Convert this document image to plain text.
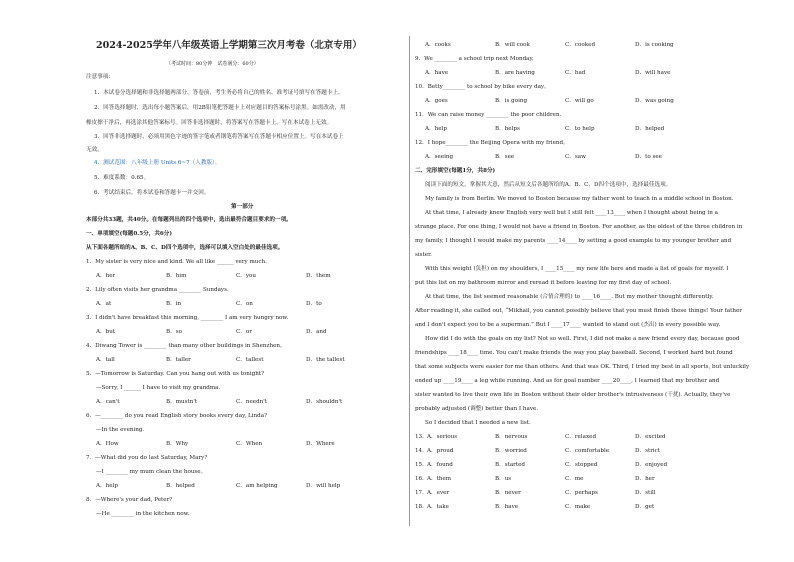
2024-2025学年八年级英语上学期第三次月考卷（北京专用）
（考试时间：80分钟　试卷满分：60分）
注意事项：
1．本试卷分选择题和非选择题两部分。答卷前，考生务必将自己的姓名、准考证号填写在答题卡上。
2．回答选择题时，选出每小题答案后，用2B铅笔把答题卡上对应题目的答案标号涂黑。如需改动，用
橡皮擦干净后，再选涂其他答案标号。回答非选择题时，将答案写在答题卡上。写在本试卷上无效。
3．回答非选择题时，必须用黑色字迹的签字笔或者钢笔将答案写在答题卡相应位置上。写在本试卷上
无效。
4．测试范围：八年级上册 Units 6~7（人教版）。
5．难度系数：0.65。
6．考试结束后，将本试卷和答题卡一并交回。
第一部分
本部分共33题，共40分。在每题列出的四个选项中，选出最符合题目要求的一项。
一、单项填空(每题0.5分，共6分)
从下面各题所给的A、B、C、D四个选项中，选择可以填入空白处的最佳选项。
1．My sister is very nice and kind. We all like ______ very much.
A．her	B．him	C．you	D．them
2．Lily often visits her grandma ________ Sundays.
A．at	B．in	C．on	D．to
3．I didn't have breakfast this morning, ________ I am very hungry now.
A．but	B．so	C．or	D．and
4．Diwang Tower is ________ than many other buildings in Shenzhen。
A．tall	B．taller	C．tallest	D．the tallest
5．—Tomorrow is Saturday. Can you hang out with us tonight?
—Sorry, I ______ I have to visit my grandma.
A．can't	B．mustn't	C．needn't	D．shouldn't
6．—________ do you read English story books every day, Linda?
—In the evening.
A．How	B．Why	C．When	D．Where
7．—What did you do last Saturday, Mary?
—I ________ my mum clean the house。
A．help	B．helped	C．am helping	D．will help
8．—Where's your dad, Peter?
—He ________ in the kitchen now.
A．cooks	B．will cook	C．cooked	D．is cooking
9．We ________ a school trip next Monday.
A．have	B．are having	C．had	D．will have
10．Betty________ to school by bike every day。
A．goes	B．is going	C．will go	D．was going
11．We can raise money ________ the poor children.
A．help	B．helps	C．to help	D．helped
12．I hope________ the Beijing Opera with my friend。
A．seeing	B．see	C．saw	D．to see
二、完形填空(每题1分，共8分)
阅读下面的短文，掌握其大意，然后从短文后各题所给的A、B、C、D四个选项中，选择最佳选项。
My family is from Berlin. We moved to Boston because my father went to teach in a middle school in Boston.
At that time, I already knew English very well but I still felt ____13____ when I thought about being in a
strange place. For one thing, I would not have a friend in Boston. For another, as the oldest of the three children in
my family, I thought I would make my parents ____14____ by setting a good example to my younger brother and
sister.
With this weight (负担) on my shoulders, I ____15____ my new life here and made a list of goals for myself. I
put this list on my bathroom mirror and reread it before leaving for my first day of school.
At that time, the list seemed reasonable (合情合理的) to ____16____. But my mother thought differently.
After reading it, she called out, “Mikhail, you cannot possibly believe that you must finish these things! Your father
and I don't expect you to be a superman.” But I ____17____ wanted to stand out (杰出) in every possible way.
How did I do with the goals on my list? Not so well. First, I did not make a new friend every day, because good
friendships ____18____ time. You can't make friends the way you play baseball. Second, I worked hard but found
that some subjects were easier for me than others. And that was OK. Third, I tried my best in all sports, but unluckily
ended up ____19____ a leg while running. And as for goal number ____20____, I learned that my brother and
sister wanted to live their own life in Boston without their older brother's intrusiveness (干扰). Actually, they've
probably adjusted (调整) better than I have.
So I decided that I needed a new list.
13． A．serious	B．nervous	C．relaxed	D．excited
14． A．proud	B．worried	C．comfortable	D．strict
15． A．found	B．started	C．stopped	D．enjoyed
16． A．them	B．us	C．me	D．her
17． A．ever	B．never	C．perhaps	D．still
18． A．take	B．have	C．make	D．get
